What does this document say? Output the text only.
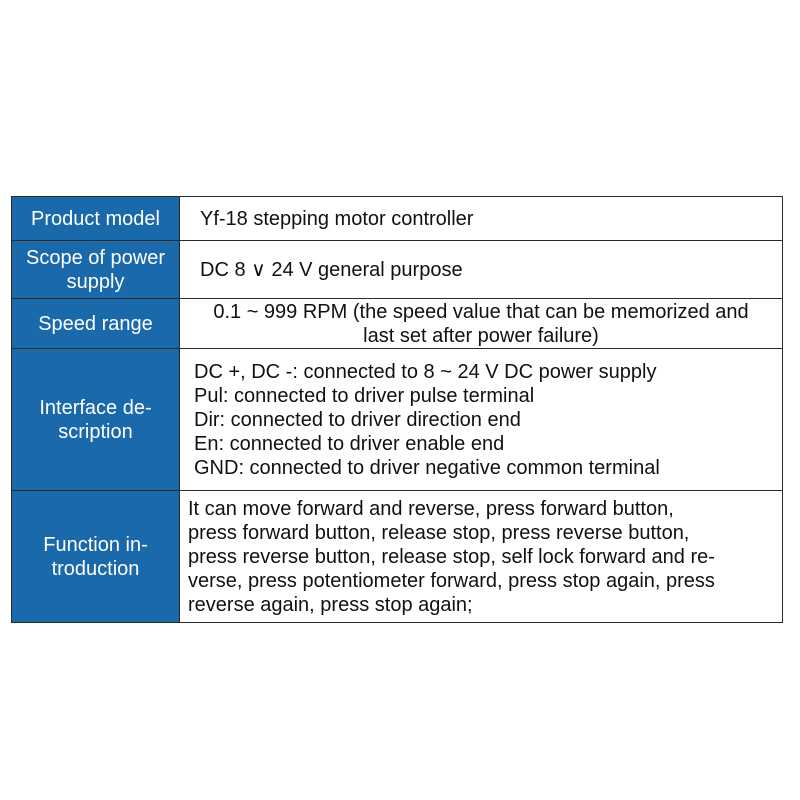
Product model	Yf-18 stepping motor controller

Scope of power
supply	DC 8 ∨ 24 V general purpose
Speed range	0.1 ~ 999 RPM (the speed value that can be memorized and
last set after power failure)

Interface de-
scription	DC +, DC -: connected to 8 ~ 24 V DC power supply
Pul: connected to driver pulse terminal
Dir: connected to driver direction end
En: connected to driver enable end
GND: connected to driver negative common terminal

Function in-
troduction	It can move forward and reverse, press forward button,
press forward button, release stop, press reverse button,
press reverse button, release stop, self lock forward and re-
verse, press potentiometer forward, press stop again, press
reverse again, press stop again;
